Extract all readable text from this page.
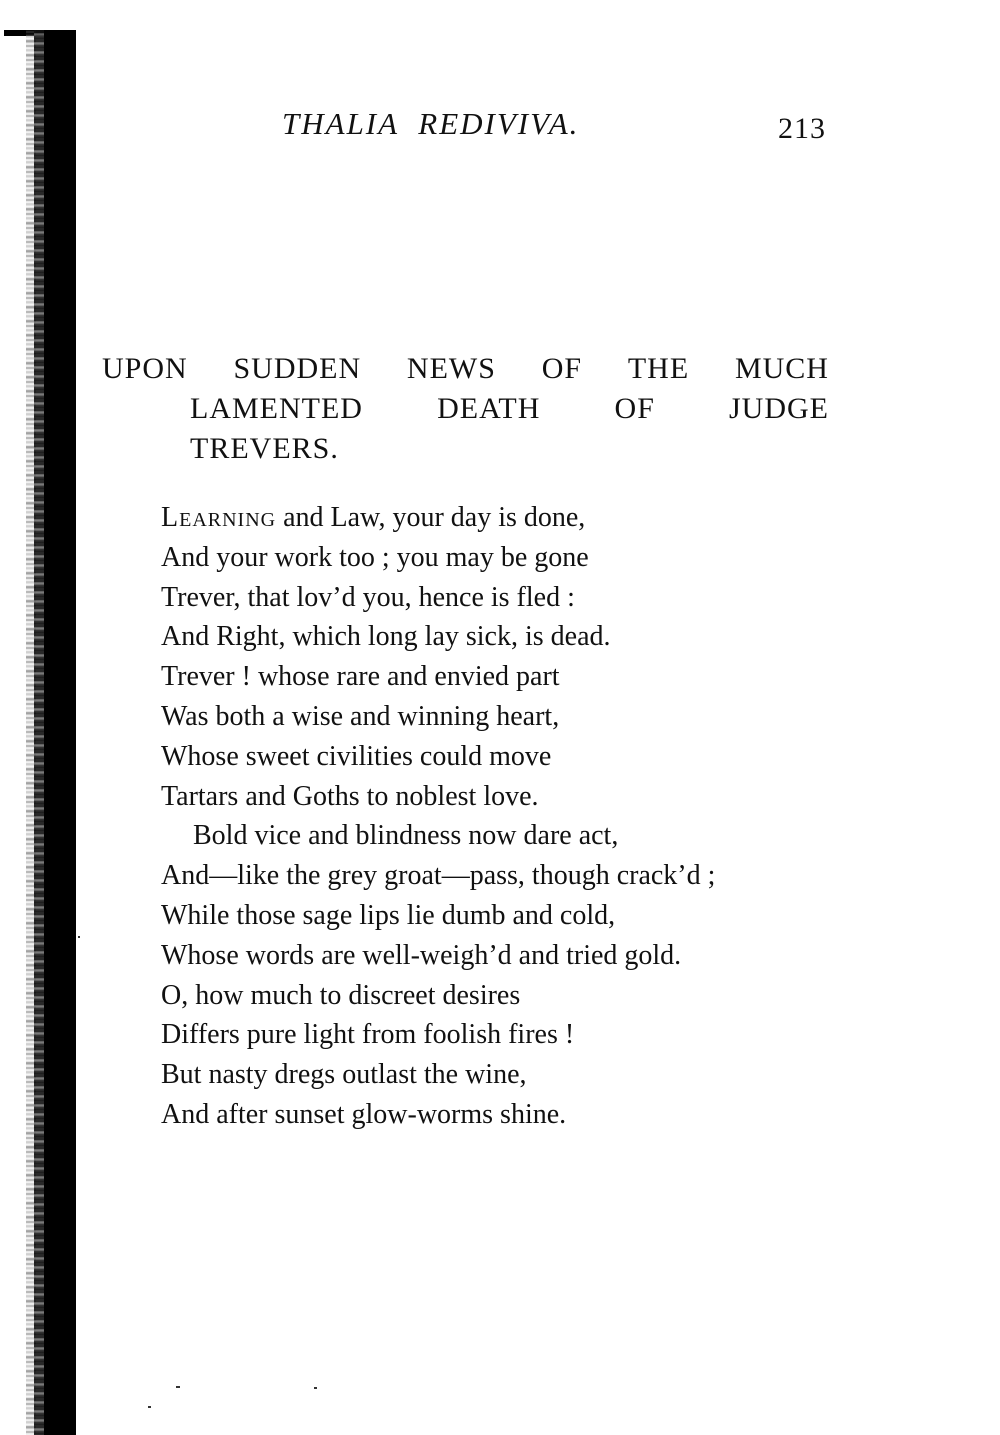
THALIA REDIVIVA.	213
UPON SUDDEN NEWS OF THE MUCH
LAMENTED DEATH OF JUDGE
TREVERS.
Learning and Law, your day is done,
And your work too ; you may be gone
Trever, that lov’d you, hence is fled :
And Right, which long lay sick, is dead.
Trever ! whose rare and envied part
Was both a wise and winning heart,
Whose sweet civilities could move
Tartars and Goths to noblest love.
Bold vice and blindness now dare act,
And—like the grey groat—pass, though crack’d ;
While those sage lips lie dumb and cold,
Whose words are well-weigh’d and tried gold.
O, how much to discreet desires
Differs pure light from foolish fires !
But nasty dregs outlast the wine,
And after sunset glow-worms shine.
